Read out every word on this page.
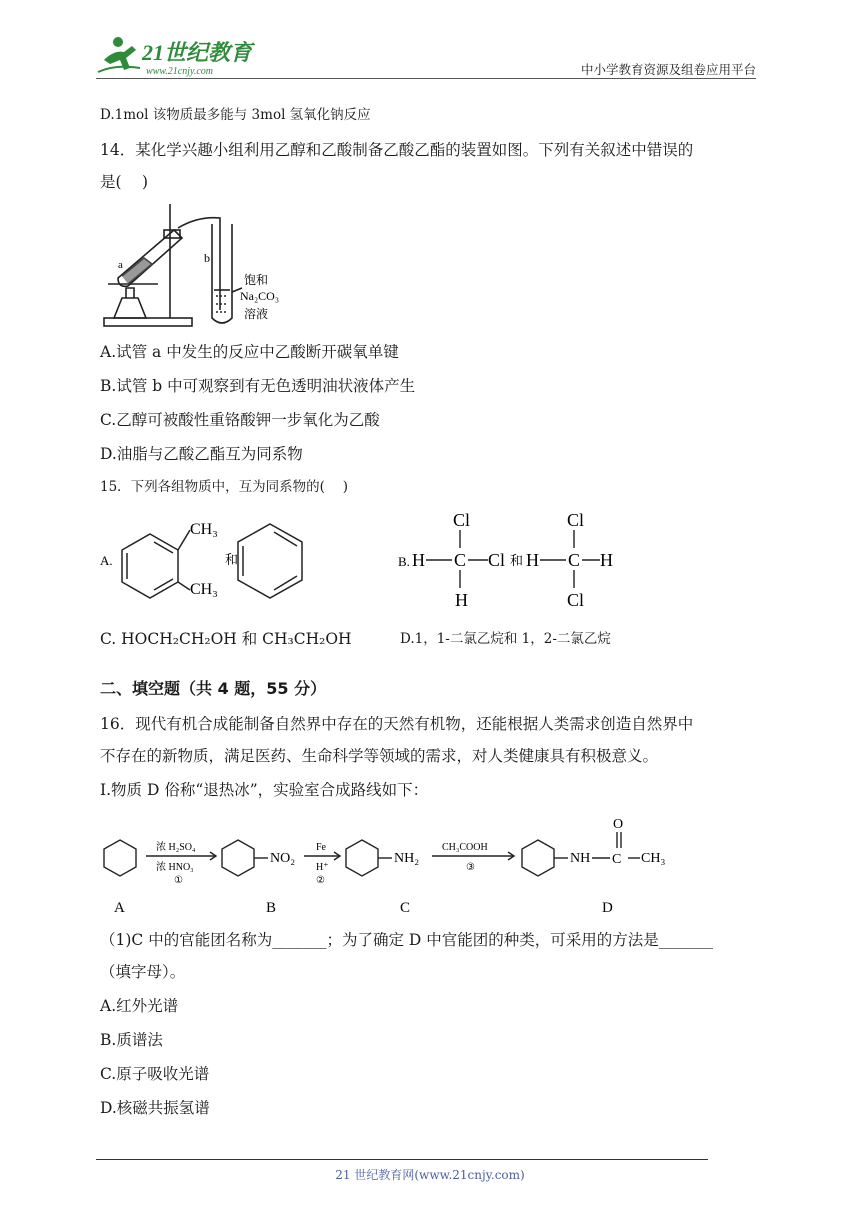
21世纪教育
www.21cnjy.com	中小学教育资源及组卷应用平台
D.1mol 该物质最多能与 3mol 氢氧化钠反应
14．某化学兴趣小组利用乙醇和乙酸制备乙酸乙酯的装置如图。下列有关叙述中错误的
是(　 )
a	b
饱和
Na₂CO₃
溶液
A.试管 a 中发生的反应中乙酸断开碳氧单键
B.试管 b 中可观察到有无色透明油状液体产生
C.乙醇可被酸性重铬酸钾一步氧化为乙酸
D.油脂与乙酸乙酯互为同系物
15．下列各组物质中，互为同系物的(　 )
A.
CH₃
CH₃
和	B.
Cl
H C Cl
H
和
Cl
H C H
Cl
C. HOCH₂CH₂OH 和 CH₃CH₂OH	D.1，1-二氯乙烷和 1，2-二氯乙烷
二、填空题（共 4 题，55 分）
16．现代有机合成能制备自然界中存在的天然有机物，还能根据人类需求创造自然界中
不存在的新物质，满足医药、生命科学等领域的需求，对人类健康具有积极意义。
Ⅰ.物质 D 俗称“退热冰”，实验室合成路线如下：
浓 H₂SO₄
浓 HNO₃
①
Fe
H⁺
②
CH₃COOH
③
NO₂	NH₂	NH C
O
CH₃
A	B	C	D
（1)C 中的官能团名称为_______；为了确定 D 中官能团的种类，可采用的方法是_______
（填字母）。
A.红外光谱
B.质谱法
C.原子吸收光谱
D.核磁共振氢谱
21 世纪教育网(www.21cnjy.com)
